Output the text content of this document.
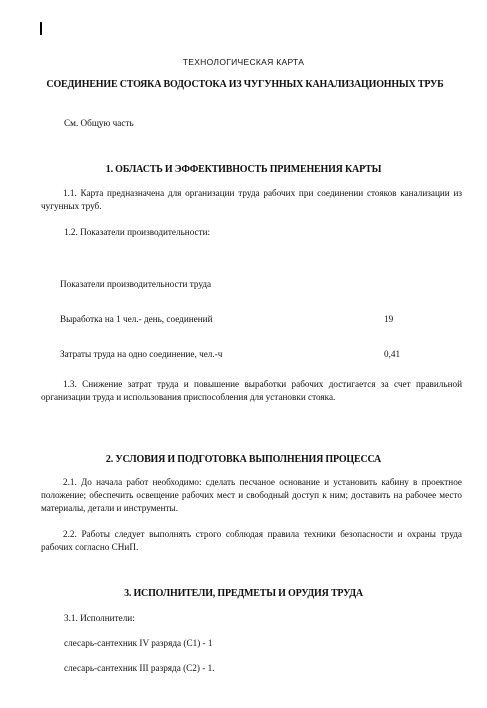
ТЕХНОЛОГИЧЕСКАЯ КАРТА
СОЕДИНЕНИЕ СТОЯКА ВОДОСТОКА ИЗ ЧУГУННЫХ КАНАЛИЗАЦИОННЫХ ТРУБ
См. Общую часть
1. ОБЛАСТЬ И ЭФФЕКТИВНОСТЬ ПРИМЕНЕНИЯ КАРТЫ
1.1. Карта предназначена для организации труда рабочих при соединении стояков канализации из чугунных труб.
1.2. Показатели производительности:
Показатели производительности труда
Выработка на 1 чел.- день, соединений	19
Затраты труда на одно соединение, чел.-ч	0,41
1.3. Снижение затрат труда и повышение выработки рабочих достигается за счет правильной организации труда и использования приспособления для установки стояка.
2. УСЛОВИЯ И ПОДГОТОВКА ВЫПОЛНЕНИЯ ПРОЦЕССА
2.1. До начала работ необходимо: сделать песчаное основание и установить кабину в проектное положение; обеспечить освещение рабочих мест и свободный доступ к ним; доставить на рабочее место материалы, детали и инструменты.
2.2. Работы следует выполнять строго соблюдая правила техники безопасности и охраны труда рабочих согласно СНиП.
3. ИСПОЛНИТЕЛИ, ПРЕДМЕТЫ И ОРУДИЯ ТРУДА
3.1. Исполнители:
слесарь-сантехник IV разряда (С1) - 1
слесарь-сантехник III разряда (С2) - 1.
